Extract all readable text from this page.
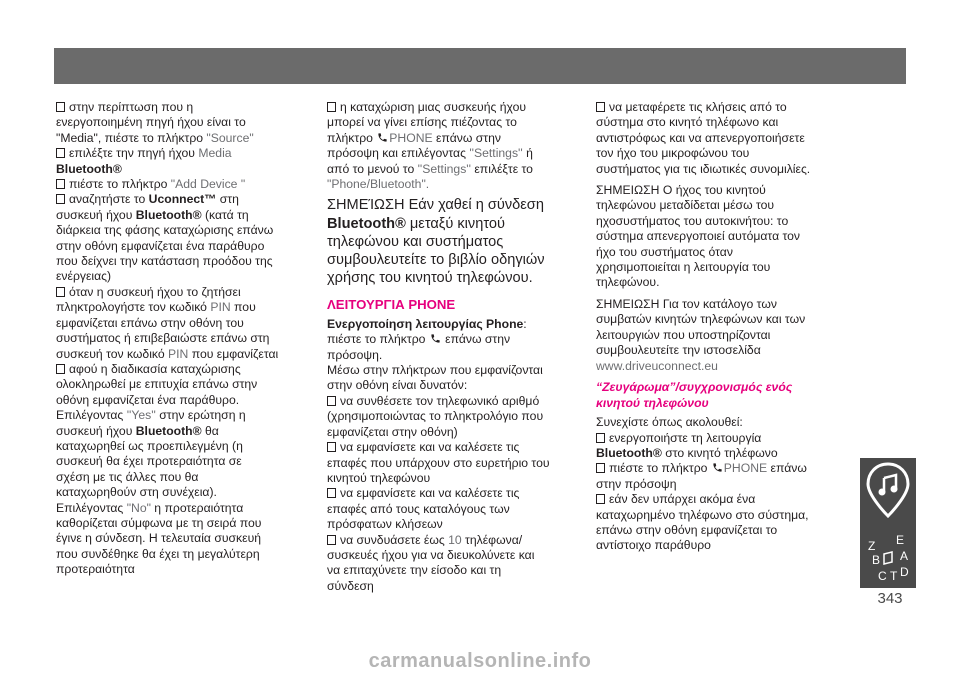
στην περίπτωση που η

ενεργοποιημένη πηγή ήχου είναι το

"Media", πιέστε το πλήκτρο "Source"

επιλέξτε την πηγή ήχου Media

Bluetooth®

πιέστε το πλήκτρο "Add Device "

αναζητήστε το Uconnect™ στη

συσκευή ήχου Bluetooth® (κατά τη

διάρκεια της φάσης καταχώρισης επάνω

στην οθόνη εμφανίζεται ένα παράθυρο

που δείχνει την κατάσταση προόδου της

ενέργειας)

όταν η συσκευή ήχου το ζητήσει

πληκτρολογήστε τον κωδικό PIN που

εμφανίζεται επάνω στην οθόνη του

συστήματος ή επιβεβαιώστε επάνω στη

συσκευή τον κωδικό PIN που εμφανίζεται

αφού η διαδικασία καταχώρισης

ολοκληρωθεί με επιτυχία επάνω στην

οθόνη εμφανίζεται ένα παράθυρο.

Επιλέγοντας ''Yes'' στην ερώτηση η

συσκευή ήχου Bluetooth® θα

καταχωρηθεί ως προεπιλεγμένη (η

συσκευή θα έχει προτεραιότητα σε

σχέση με τις άλλες που θα

καταχωρηθούν στη συνέχεια).

Επιλέγοντας "No" η προτεραιότητα

καθορίζεται σύμφωνα με τη σειρά που

έγινε η σύνδεση. Η τελευταία συσκευή

που συνδέθηκε θα έχει τη μεγαλύτερη

προτεραιότητα

η καταχώριση μιας συσκευής ήχου

μπορεί να γίνει επίσης πιέζοντας το

πλήκτρο PHONE επάνω στην

πρόσοψη και επιλέγοντας ''Settings'' ή

από το μενού το ''Settings'' επιλέξτε το

"Phone/Bluetooth".

ΣΗΜΕΊΩΣΗ Εάν χαθεί η σύνδεση

Bluetooth® μεταξύ κινητού

τηλεφώνου και συστήματος

συμβουλευτείτε το βιβλίο οδηγιών

χρήσης του κινητού τηλεφώνου.

ΛΕΙΤΟΥΡΓΙΑ PHONE

Ενεργοποίηση λειτουργίας Phone:

πιέστε το πλήκτρο  επάνω στην

πρόσοψη.

Μέσω στην πλήκτρων που εμφανίζονται

στην οθόνη είναι δυνατόν:

να συνθέσετε τον τηλεφωνικό αριθμό

(χρησιμοποιώντας το πληκτρολόγιο που

εμφανίζεται στην οθόνη)

να εμφανίσετε και να καλέσετε τις

επαφές που υπάρχουν στο ευρετήριο του

κινητού τηλεφώνου

να εμφανίσετε και να καλέσετε τις

επαφές από τους καταλόγους των

πρόσφατων κλήσεων

να συνδυάσετε έως 10 τηλέφωνα/

συσκευές ήχου για να διευκολύνετε και

να επιταχύνετε την είσοδο και τη

σύνδεση

να μεταφέρετε τις κλήσεις από το

σύστημα στο κινητό τηλέφωνο και

αντιστρόφως και να απενεργοποιήσετε

τον ήχο του μικροφώνου του

συστήματος για τις ιδιωτικές συνομιλίες.

ΣΗΜΕΙΩΣΗ Ο ήχος του κινητού

τηλεφώνου μεταδίδεται μέσω του

ηχοσυστήματος του αυτοκινήτου: το

σύστημα απενεργοποιεί αυτόματα τον

ήχο του συστήματος όταν

χρησιμοποιείται η λειτουργία του

τηλεφώνου.

ΣΗΜΕΙΩΣΗ Για τον κατάλογο των

συμβατών κινητών τηλεφώνων και των

λειτουργιών που υποστηρίζονται

συμβουλευτείτε την ιστοσελίδα

www.driveuconnect.eu

“Ζευγάρωμα”/συγχρονισμός ενός

κινητού τηλεφώνου

Συνεχίστε όπως ακολουθεί:

ενεργοποιήστε τη λειτουργία

Bluetooth® στο κινητό τηλέφωνο

πιέστε το πλήκτρο PHONE επάνω

στην πρόσοψη

εάν δεν υπάρχει ακόμα ένα

καταχωρημένο τηλέφωνο στο σύστημα,

επάνω στην οθόνη εμφανίζεται το

αντίστοιχο παράθυρο	Z
B
C
E
A
T D
343
carmanualsonline.info
